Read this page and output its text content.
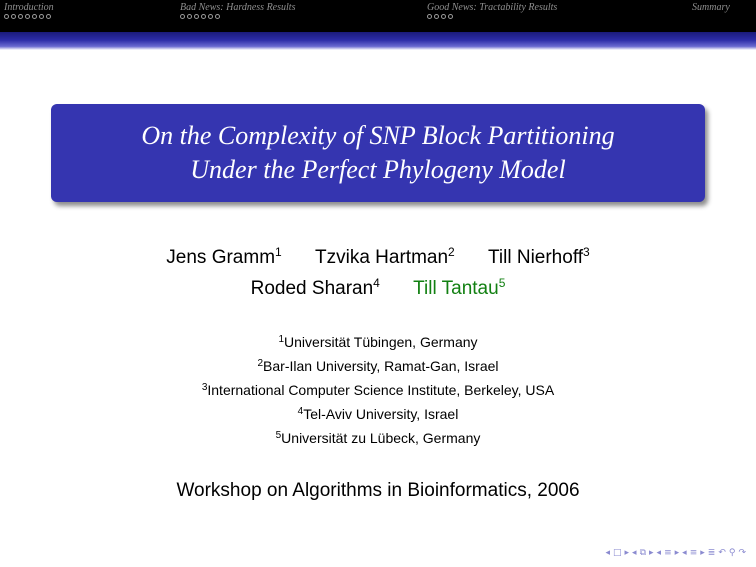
Introduction	Bad News: Hardness Results	Good News: Tractability Results	Summary
On the Complexity of SNP Block Partitioning
Under the Perfect Phylogeny Model
Jens Gramm$^1$ Tzvika Hartman$^2$ Till Nierhoff$^3$
Roded Sharan$^4$ Till Tantau$^5$
$^1$Universität Tübingen, Germany
$^2$Bar-Ilan University, Ramat-Gan, Israel
$^3$International Computer Science Institute, Berkeley, USA
$^4$Tel-Aviv University, Israel
$^5$Universität zu Lübeck, Germany
Workshop on Algorithms in Bioinformatics, 2006
◂ □ ▸ ◂ ⧉ ▸ ◂ ≡ ▸ ◂ ≡ ▸ ≣ ↶ ⚲ ↷
